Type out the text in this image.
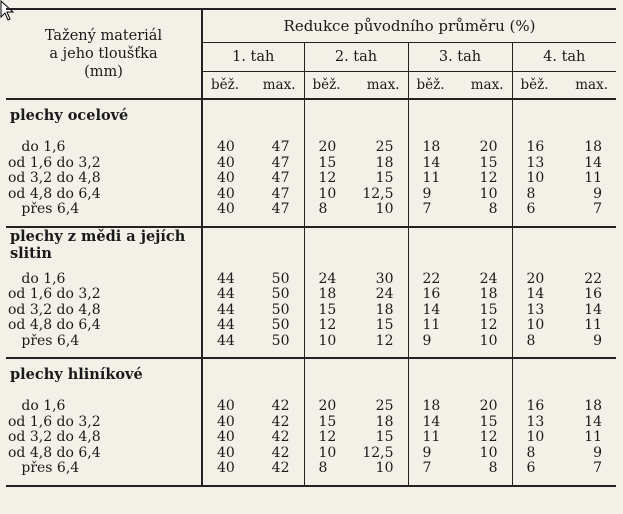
Tažený materiál
a jeho tloušťka
(mm)	Redukce původního průměru (%)			
	1. tah	2. tah	3. tah	4. tah

	běž. max.	běž. max.	běž. max.	běž. max.

plechy ocelové				

do 1,6	40 47	20 25	18 20	16 18

od 1,6 do 3,2	40 47	15 18	14 15	13 14

od 3,2 do 4,8	40 47	12 15	11 12	10 11

od 4,8 do 6,4	40 47	10 12,5	9 10	8 9

přes 6,4	40 47	8 10	7 8	6 7

plechy z mědi a jejích slitin				

do 1,6	44 50	24 30	22 24	20 22

od 1,6 do 3,2	44 50	18 24	16 18	14 16

od 3,2 do 4,8	44 50	15 18	14 15	13 14

od 4,8 do 6,4	44 50	12 15	11 12	10 11

přes 6,4	44 50	10 12	9 10	8 9

plechy hliníkové				

do 1,6	40 42	20 25	18 20	16 18

od 1,6 do 3,2	40 42	15 18	14 15	13 14

od 3,2 do 4,8	40 42	12 15	11 12	10 11

od 4,8 do 6,4	40 42	10 12,5	9 10	8 9

přes 6,4	40 42	8 10	7 8	6 7
